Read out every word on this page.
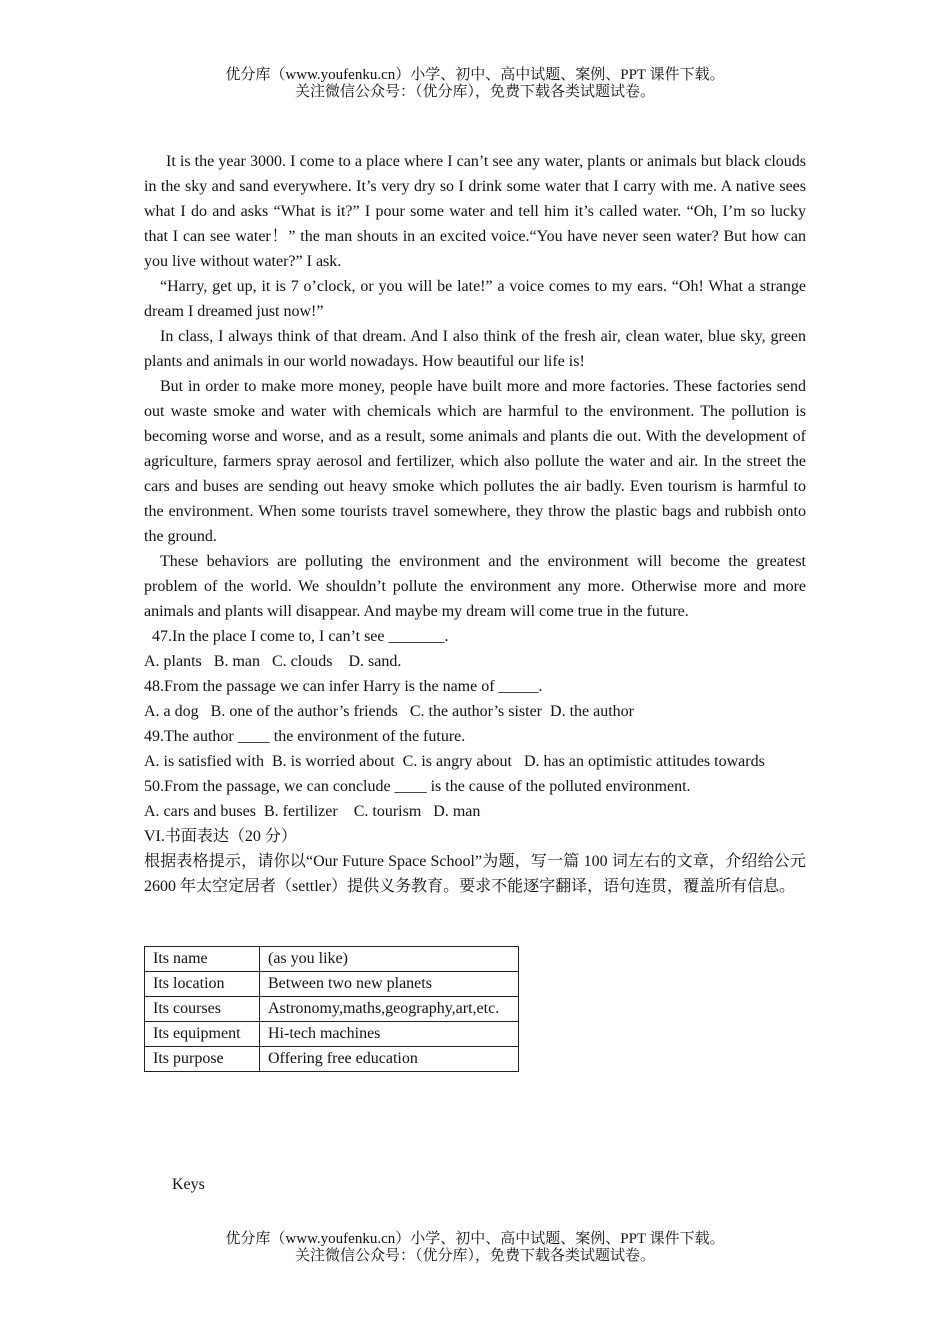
优分库（www.youfenku.cn）小学、初中、高中试题、案例、PPT 课件下载。
关注微信公众号：（优分库），免费下载各类试题试卷。

It is the year 3000. I come to a place where I can’t see any water, plants or animals but black clouds in the sky and sand everywhere. It’s very dry so I drink some water that I carry with me. A native sees what I do and asks “What is it?” I pour some water and tell him it’s called water. “Oh, I’m so lucky that I can see water！” the man shouts in an excited voice.“You have never seen water? But how can you live without water?” I ask.

“Harry, get up, it is 7 o’clock, or you will be late!” a voice comes to my ears. “Oh! What a strange dream I dreamed just now!”

In class, I always think of that dream. And I also think of the fresh air, clean water, blue sky, green plants and animals in our world nowadays. How beautiful our life is!

But in order to make more money, people have built more and more factories. These factories send out waste smoke and water with chemicals which are harmful to the environment. The pollution is becoming worse and worse, and as a result, some animals and plants die out. With the development of agriculture, farmers spray aerosol and fertilizer, which also pollute the water and air. In the street the cars and buses are sending out heavy smoke which pollutes the air badly. Even tourism is harmful to the environment. When some tourists travel somewhere, they throw the plastic bags and rubbish onto the ground.

These behaviors are polluting the environment and the environment will become the greatest problem of the world. We shouldn’t pollute the environment any more. Otherwise more and more animals and plants will disappear. And maybe my dream will come true in the future.

47.In the place I come to, I can’t see _______.

A. plants   B. man   C. clouds    D. sand.

48.From the passage we can infer Harry is the name of _____.

A. a dog   B. one of the author’s friends   C. the author’s sister  D. the author

49.The author ____ the environment of the future.

A. is satisfied with  B. is worried about  C. is angry about   D. has an optimistic attitudes towards

50.From the passage, we can conclude ____ is the cause of the polluted environment.

A. cars and buses  B. fertilizer    C. tourism   D. man

VI.书面表达（20 分）

根据表格提示，请你以“Our Future Space School”为题，写一篇 100 词左右的文章，介绍给公元 2600 年太空定居者（settler）提供义务教育。要求不能逐字翻译，语句连贯，覆盖所有信息。

Its name	(as you like)
Its location	Between two new planets
Its courses	Astronomy,maths,geography,art,etc.
Its equipment	Hi-tech machines
Its purpose	Offering free education
Keys
优分库（www.youfenku.cn）小学、初中、高中试题、案例、PPT 课件下载。
关注微信公众号：（优分库），免费下载各类试题试卷。
